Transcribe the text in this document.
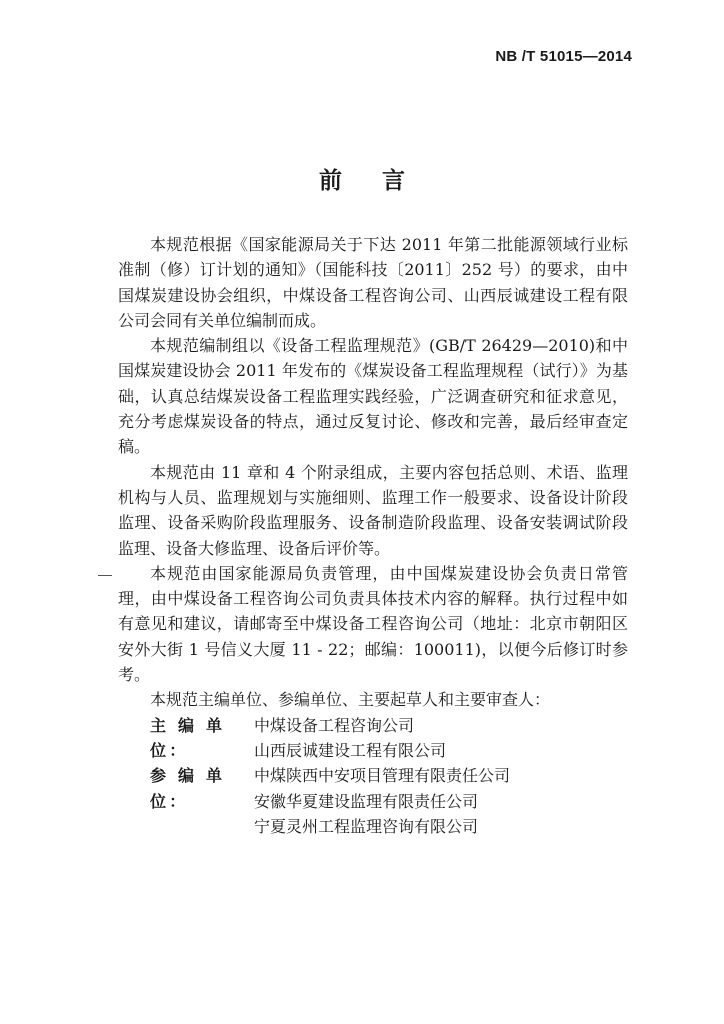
NB /T 51015—2014
前言

本规范根据《国家能源局关于下达 2011 年第二批能源领域行业标准制（修）订计划的通知》（国能科技〔2011〕252 号）的要求，由中国煤炭建设协会组织，中煤设备工程咨询公司、山西辰诚建设工程有限公司会同有关单位编制而成。

本规范编制组以《设备工程监理规范》(GB/T 26429—2010)和中国煤炭建设协会 2011 年发布的《煤炭设备工程监理规程（试行）》为基础，认真总结煤炭设备工程监理实践经验，广泛调查研究和征求意见，充分考虑煤炭设备的特点，通过反复讨论、修改和完善，最后经审查定稿。

本规范由 11 章和 4 个附录组成，主要内容包括总则、术语、监理机构与人员、监理规划与实施细则、监理工作一般要求、设备设计阶段监理、设备采购阶段监理服务、设备制造阶段监理、设备安装调试阶段监理、设备大修监理、设备后评价等。

本规范由国家能源局负责管理，由中国煤炭建设协会负责日常管理，由中煤设备工程咨询公司负责具体技术内容的解释。执行过程中如有意见和建议，请邮寄至中煤设备工程咨询公司（地址：北京市朝阳区安外大街 1 号信义大厦 11 - 22；邮编：100011)，以便今后修订时参考。

本规范主编单位、参编单位、主要起草人和主要审查人：

主 编 单 位：
中煤设备工程咨询公司
山西辰诚建设工程有限公司
参 编 单 位：
中煤陕西中安项目管理有限责任公司
安徽华夏建设监理有限责任公司
宁夏灵州工程监理咨询有限公司
